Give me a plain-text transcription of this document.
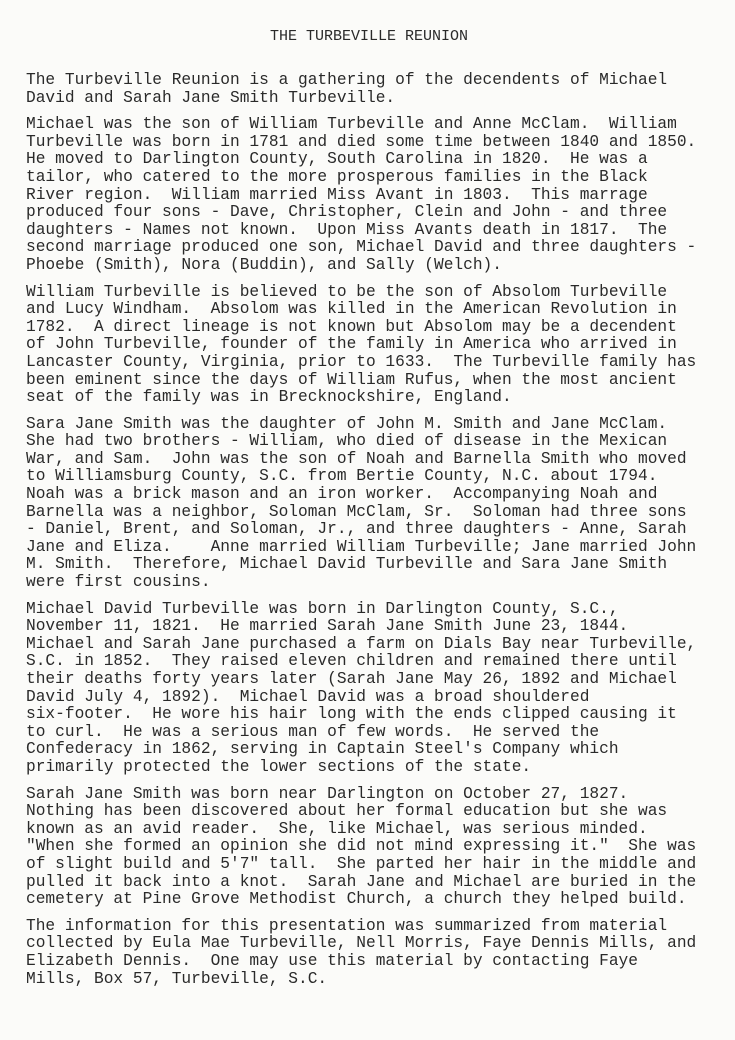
THE TURBEVILLE REUNION
The Turbeville Reunion is a gathering of the decendents of Michael
David and Sarah Jane Smith Turbeville.
Michael was the son of William Turbeville and Anne McClam.  William
Turbeville was born in 1781 and died some time between 1840 and 1850.
He moved to Darlington County, South Carolina in 1820.  He was a
tailor, who catered to the more prosperous families in the Black
River region.  William married Miss Avant in 1803.  This marrage
produced four sons - Dave, Christopher, Clein and John - and three
daughters - Names not known.  Upon Miss Avants death in 1817.  The
second marriage produced one son, Michael David and three daughters -
Phoebe (Smith), Nora (Buddin), and Sally (Welch).
William Turbeville is believed to be the son of Absolom Turbeville
and Lucy Windham.  Absolom was killed in the American Revolution in
1782.  A direct lineage is not known but Absolom may be a decendent
of John Turbeville, founder of the family in America who arrived in
Lancaster County, Virginia, prior to 1633.  The Turbeville family has
been eminent since the days of William Rufus, when the most ancient
seat of the family was in Brecknockshire, England.
Sara Jane Smith was the daughter of John M. Smith and Jane McClam.
She had two brothers - William, who died of disease in the Mexican
War, and Sam.  John was the son of Noah and Barnella Smith who moved
to Williamsburg County, S.C. from Bertie County, N.C. about 1794.
Noah was a brick mason and an iron worker.  Accompanying Noah and
Barnella was a neighbor, Soloman McClam, Sr.  Soloman had three sons
- Daniel, Brent, and Soloman, Jr., and three daughters - Anne, Sarah
Jane and Eliza.    Anne married William Turbeville; Jane married John
M. Smith.  Therefore, Michael David Turbeville and Sara Jane Smith
were first cousins.
Michael David Turbeville was born in Darlington County, S.C.,
November 11, 1821.  He married Sarah Jane Smith June 23, 1844.
Michael and Sarah Jane purchased a farm on Dials Bay near Turbeville,
S.C. in 1852.  They raised eleven children and remained there until
their deaths forty years later (Sarah Jane May 26, 1892 and Michael
David July 4, 1892).  Michael David was a broad shouldered
six-footer.  He wore his hair long with the ends clipped causing it
to curl.  He was a serious man of few words.  He served the
Confederacy in 1862, serving in Captain Steel's Company which
primarily protected the lower sections of the state.
Sarah Jane Smith was born near Darlington on October 27, 1827.
Nothing has been discovered about her formal education but she was
known as an avid reader.  She, like Michael, was serious minded.
"When she formed an opinion she did not mind expressing it."  She was
of slight build and 5'7" tall.  She parted her hair in the middle and
pulled it back into a knot.  Sarah Jane and Michael are buried in the
cemetery at Pine Grove Methodist Church, a church they helped build.
The information for this presentation was summarized from material
collected by Eula Mae Turbeville, Nell Morris, Faye Dennis Mills, and
Elizabeth Dennis.  One may use this material by contacting Faye
Mills, Box 57, Turbeville, S.C.
